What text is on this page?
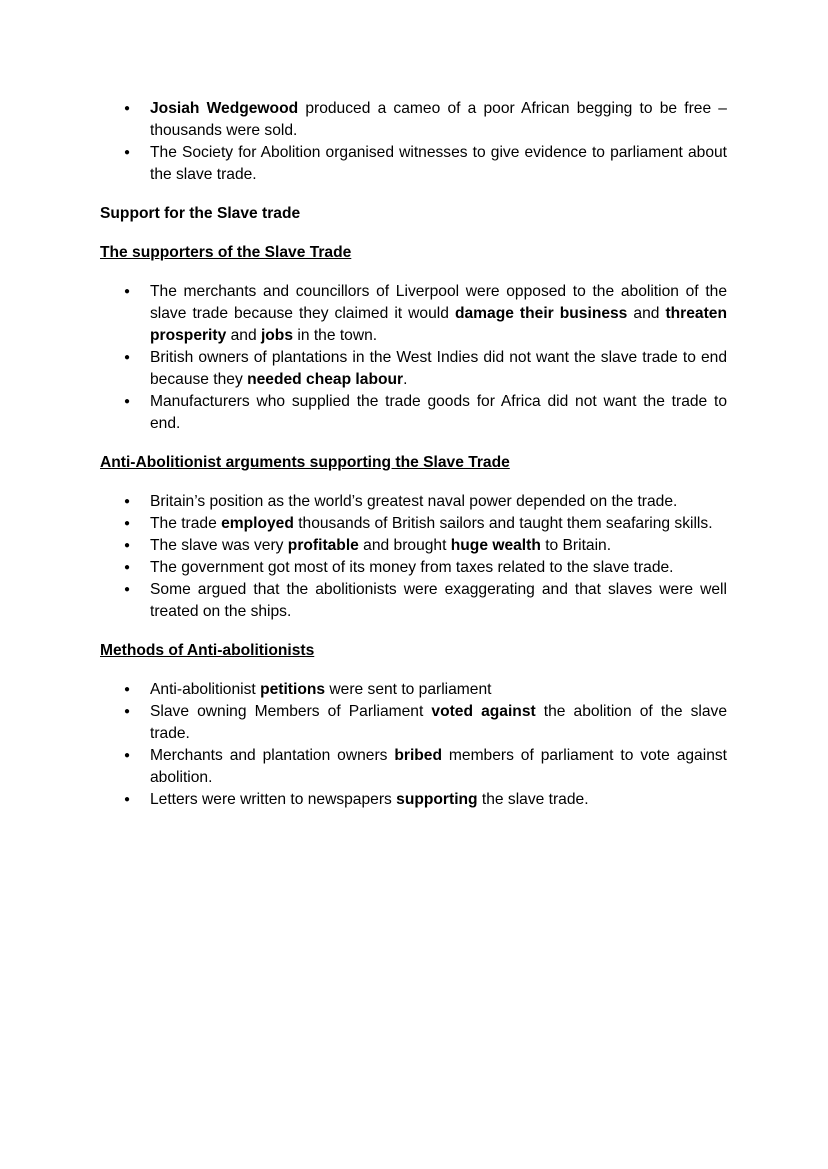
● Josiah Wedgewood produced a cameo of a poor African begging to be free – thousands were sold.
● The Society for Abolition organised witnesses to give evidence to parliament about the slave trade.

Support for the Slave trade

The supporters of the Slave Trade

● The merchants and councillors of Liverpool were opposed to the abolition of the slave trade because they claimed it would damage their business and threaten prosperity and jobs in the town.
● British owners of plantations in the West Indies did not want the slave trade to end because they needed cheap labour.
● Manufacturers who supplied the trade goods for Africa did not want the trade to end.

Anti-Abolitionist arguments supporting the Slave Trade

● Britain’s position as the world’s greatest naval power depended on the trade.
● The trade employed thousands of British sailors and taught them seafaring skills.
● The slave was very profitable and brought huge wealth to Britain.
● The government got most of its money from taxes related to the slave trade.
● Some argued that the abolitionists were exaggerating and that slaves were well treated on the ships.

Methods of Anti-abolitionists

● Anti-abolitionist petitions were sent to parliament
● Slave owning Members of Parliament voted against the abolition of the slave trade.
● Merchants and plantation owners bribed members of parliament to vote against abolition.
● Letters were written to newspapers supporting the slave trade.
